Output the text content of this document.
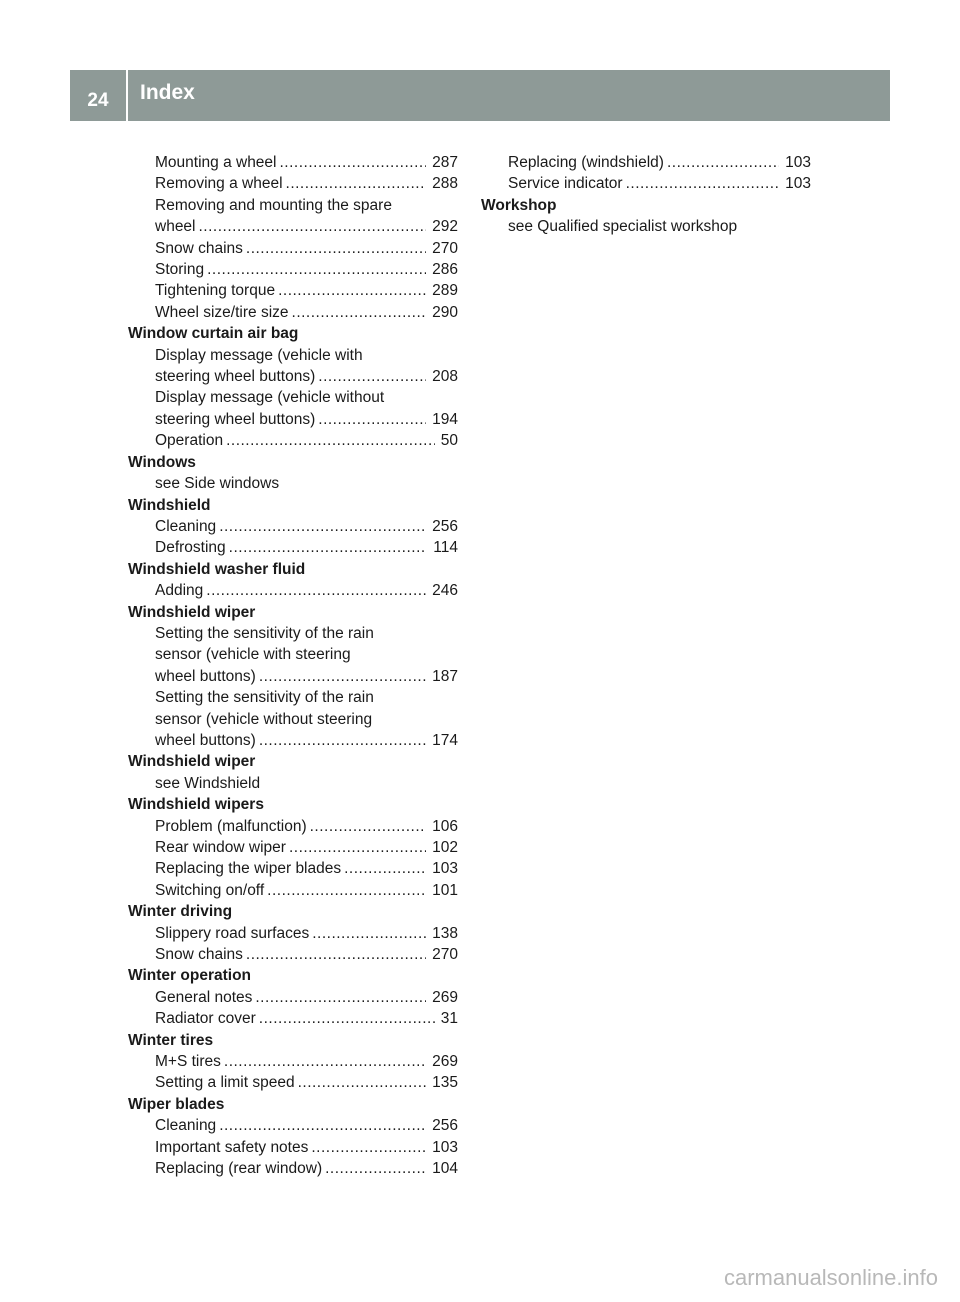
24	Index
Mounting a wheel .....	287
Removing a wheel .....	288
Removing and mounting the spare
wheel .....	292
Snow chains .....	270
Storing .....	286
Tightening torque .....	289
Wheel size/tire size .....	290
Window curtain air bag
Display message (vehicle with
steering wheel buttons) .....	208
Display message (vehicle without
steering wheel buttons) .....	194
Operation .....	50
Windows
see Side windows
Windshield
Cleaning .....	256
Defrosting .....	114
Windshield washer fluid
Adding .....	246
Windshield wiper
Setting the sensitivity of the rain
sensor (vehicle with steering
wheel buttons) .....	187
Setting the sensitivity of the rain
sensor (vehicle without steering
wheel buttons) .....	174
Windshield wiper
see Windshield
Windshield wipers
Problem (malfunction) .....	106
Rear window wiper .....	102
Replacing the wiper blades .....	103
Switching on/off .....	101
Winter driving
Slippery road surfaces .....	138
Snow chains .....	270
Winter operation
General notes .....	269
Radiator cover .....	31
Winter tires
M+S tires .....	269
Setting a limit speed .....	135
Wiper blades
Cleaning .....	256
Important safety notes .....	103
Replacing (rear window) .....	104
Replacing (windshield) .....	103
Service indicator .....	103
Workshop
see Qualified specialist workshop
carmanualsonline.info
